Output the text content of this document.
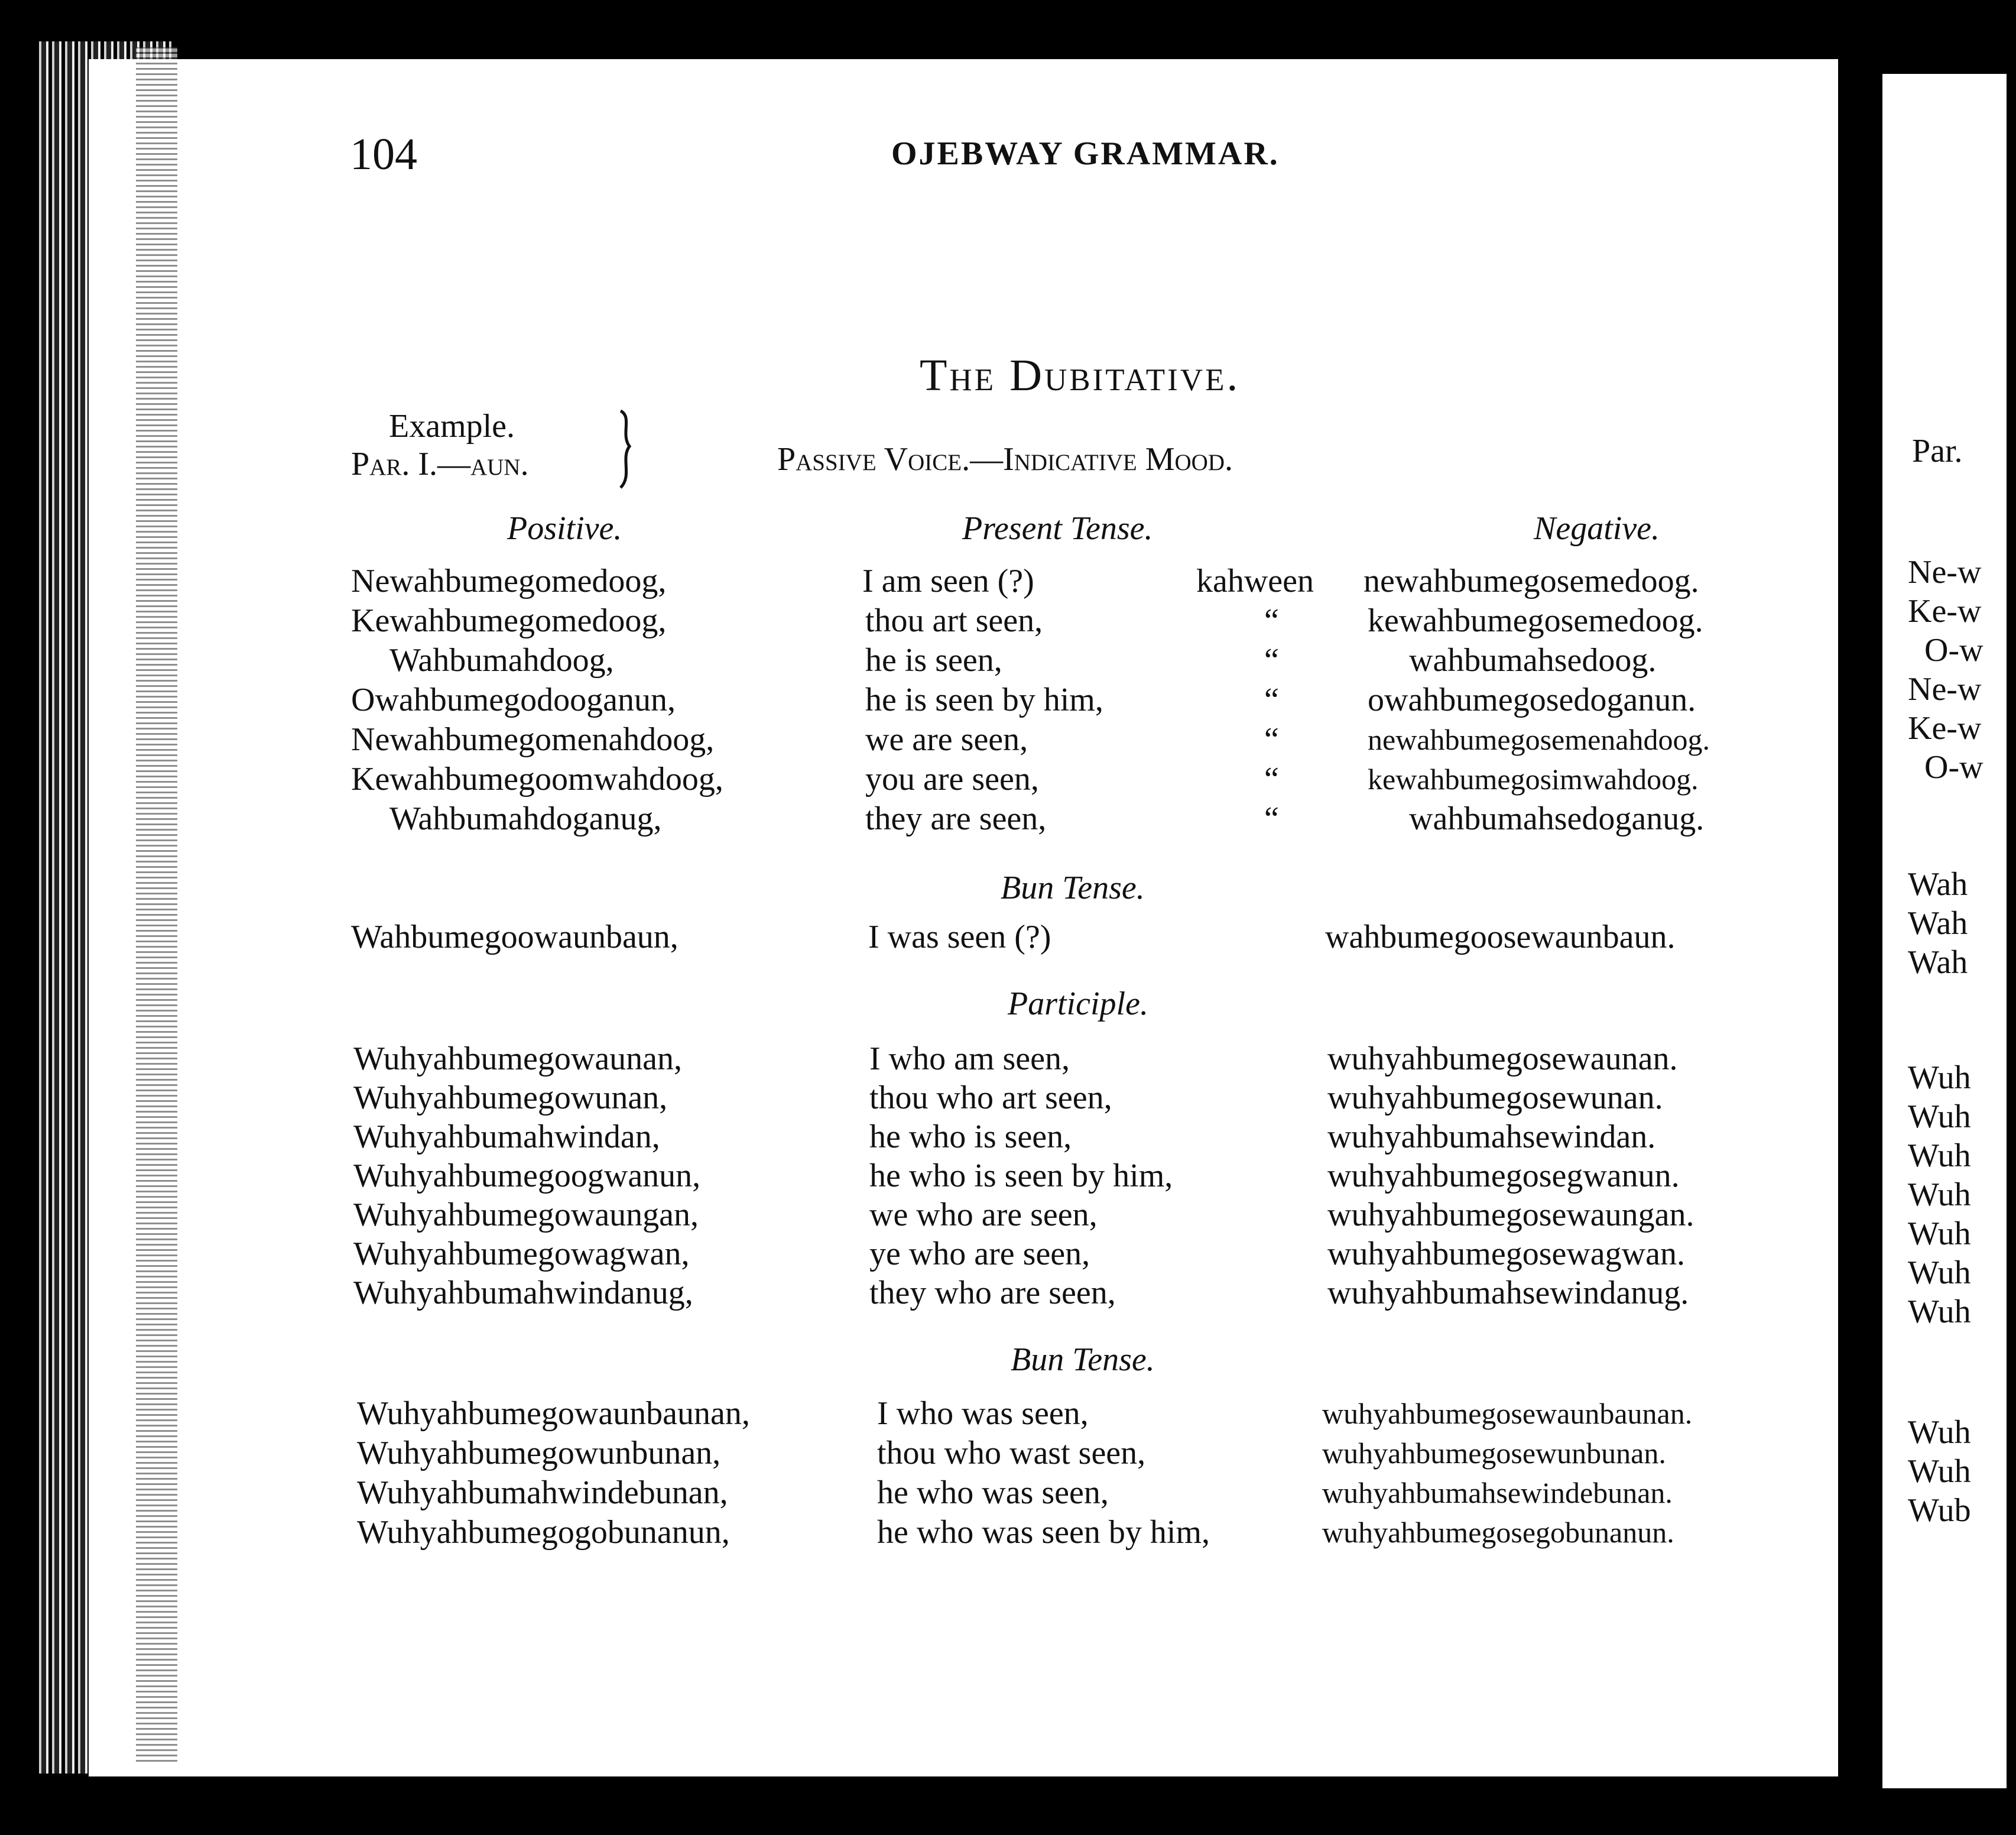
104	OJEBWAY GRAMMAR.
The Dubitative.
Example.
Par. I.—aun.	Passive Voice.—Indicative Mood.
Positive.	Present Tense.	Negative.
Newahbumegomedoog,	I am seen (?)	kahween newahbumegosemedoog.
Kewahbumegomedoog,	thou art seen,	“	kewahbumegosemedoog.
Wahbumahdoog,	he is seen,	“	wahbumahsedoog.
Owahbumegodooganun,	he is seen by him,	“	owahbumegosedoganun.
Newahbumegomenahdoog,	we are seen,	“	newahbumegosemenahdoog.
Kewahbumegoomwahdoog,	you are seen,	“	kewahbumegosimwahdoog.
Wahbumahdoganug,	they are seen,	“	wahbumahsedoganug.
Bun Tense.
Wahbumegoowaunbaun,	I was seen (?)	wahbumegoosewaunbaun.
Participle.
Wuhyahbumegowaunan,	I who am seen,	wuhyahbumegosewaunan.
Wuhyahbumegowunan,	thou who art seen,	wuhyahbumegosewunan.
Wuhyahbumahwindan,	he who is seen,	wuhyahbumahsewindan.
Wuhyahbumegoogwanun,	he who is seen by him,	wuhyahbumegosegwanun.
Wuhyahbumegowaungan,	we who are seen,	wuhyahbumegosewaungan.
Wuhyahbumegowagwan,	ye who are seen,	wuhyahbumegosewagwan.
Wuhyahbumahwindanug,	they who are seen,	wuhyahbumahsewindanug.
Bun Tense.
Wuhyahbumegowaunbaunan,	I who was seen,	wuhyahbumegosewaunbaunan.
Wuhyahbumegowunbunan,	thou who wast seen,	wuhyahbumegosewunbunan.
Wuhyahbumahwindebunan,	he who was seen,	wuhyahbumahsewindebunan.
Wuhyahbumegogobunanun,	he who was seen by him,	wuhyahbumegosegobunanun.
Par.
Ne-w
Ke-w
O-w
Ne-w
Ke-w
O-w
Wah
Wah
Wah
Wuh
Wuh
Wuh
Wuh
Wuh
Wuh
Wuh
Wuh
Wuh
Wub
